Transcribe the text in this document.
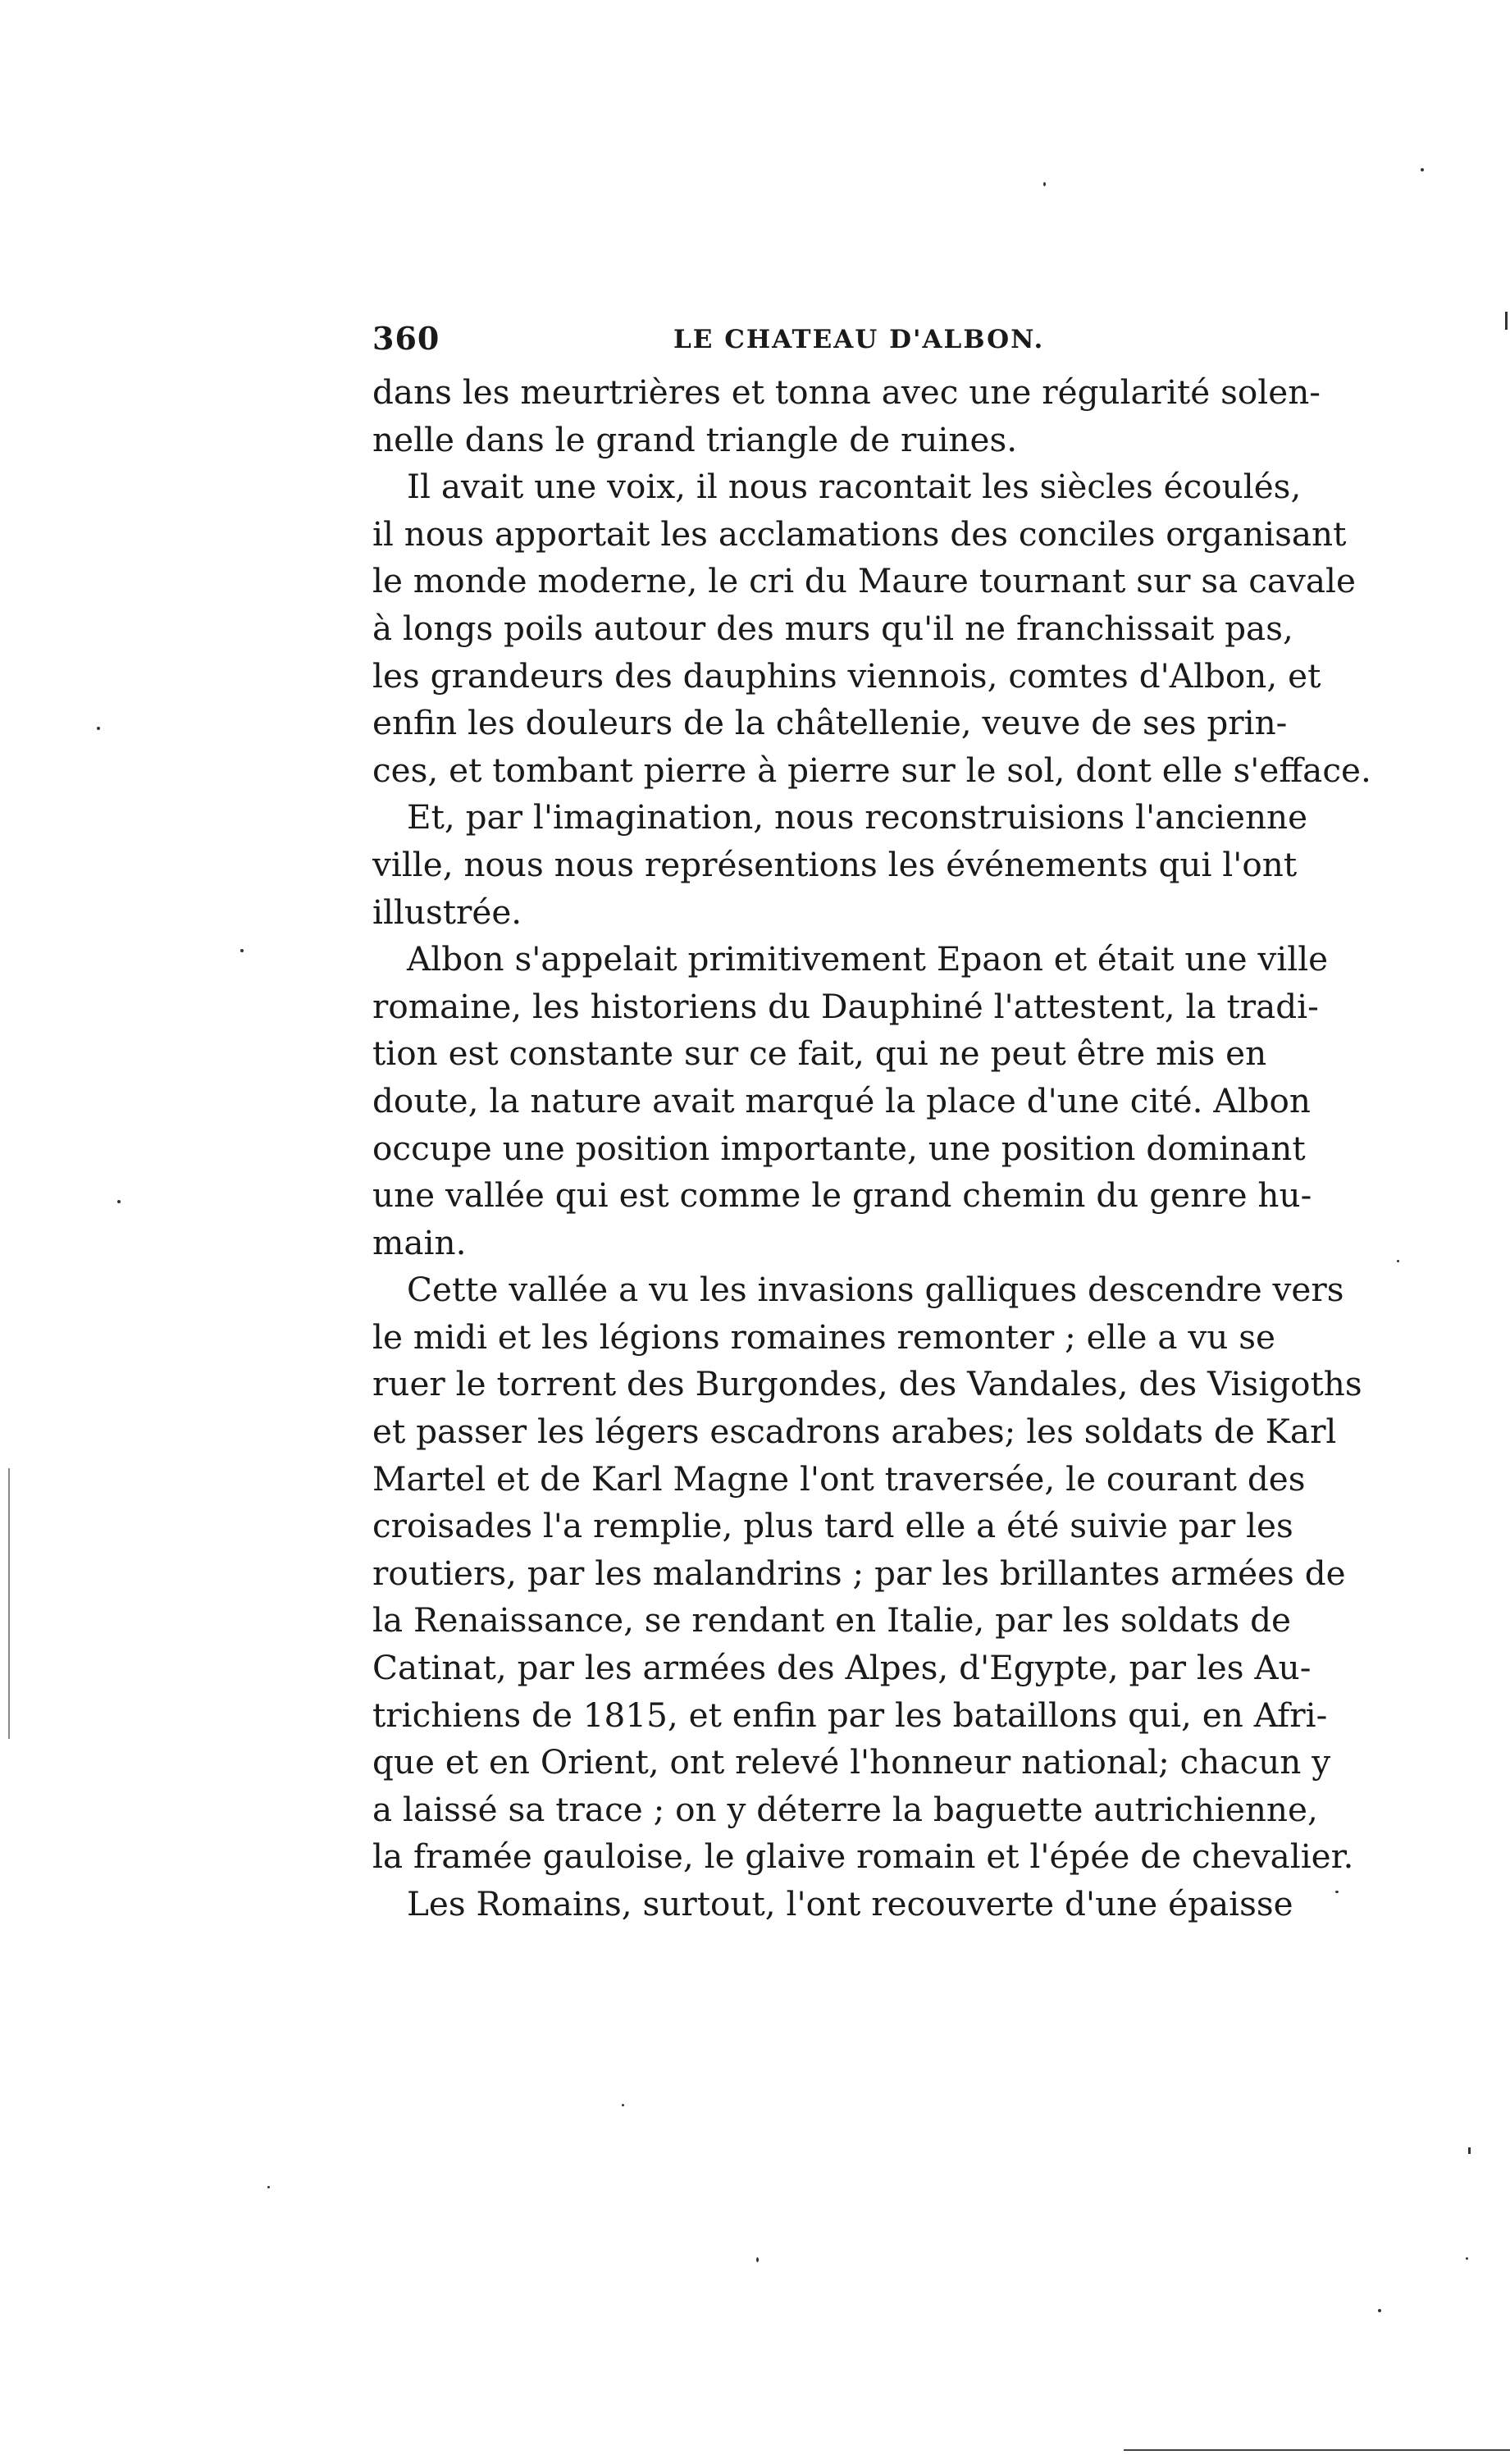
360	LE CHATEAU D'ALBON.
dans les meurtrières et tonna avec une régularité solen-
nelle dans le grand triangle de ruines.
Il avait une voix, il nous racontait les siècles écoulés,
il nous apportait les acclamations des conciles organisant
le monde moderne, le cri du Maure tournant sur sa cavale
à longs poils autour des murs qu'il ne franchissait pas,
les grandeurs des dauphins viennois, comtes d'Albon, et
enfin les douleurs de la châtellenie, veuve de ses prin-
ces, et tombant pierre à pierre sur le sol, dont elle s'efface.
Et, par l'imagination, nous reconstruisions l'ancienne
ville, nous nous représentions les événements qui l'ont
illustrée.
Albon s'appelait primitivement Epaon et était une ville
romaine, les historiens du Dauphiné l'attestent, la tradi-
tion est constante sur ce fait, qui ne peut être mis en
doute, la nature avait marqué la place d'une cité. Albon
occupe une position importante, une position dominant
une vallée qui est comme le grand chemin du genre hu-
main.
Cette vallée a vu les invasions galliques descendre vers
le midi et les légions romaines remonter ; elle a vu se
ruer le torrent des Burgondes, des Vandales, des Visigoths
et passer les légers escadrons arabes; les soldats de Karl
Martel et de Karl Magne l'ont traversée, le courant des
croisades l'a remplie, plus tard elle a été suivie par les
routiers, par les malandrins ; par les brillantes armées de
la Renaissance, se rendant en Italie, par les soldats de
Catinat, par les armées des Alpes, d'Egypte, par les Au-
trichiens de 1815, et enfin par les bataillons qui, en Afri-
que et en Orient, ont relevé l'honneur national; chacun y
a laissé sa trace ; on y déterre la baguette autrichienne,
la framée gauloise, le glaive romain et l'épée de chevalier.
Les Romains, surtout, l'ont recouverte d'une épaisse
